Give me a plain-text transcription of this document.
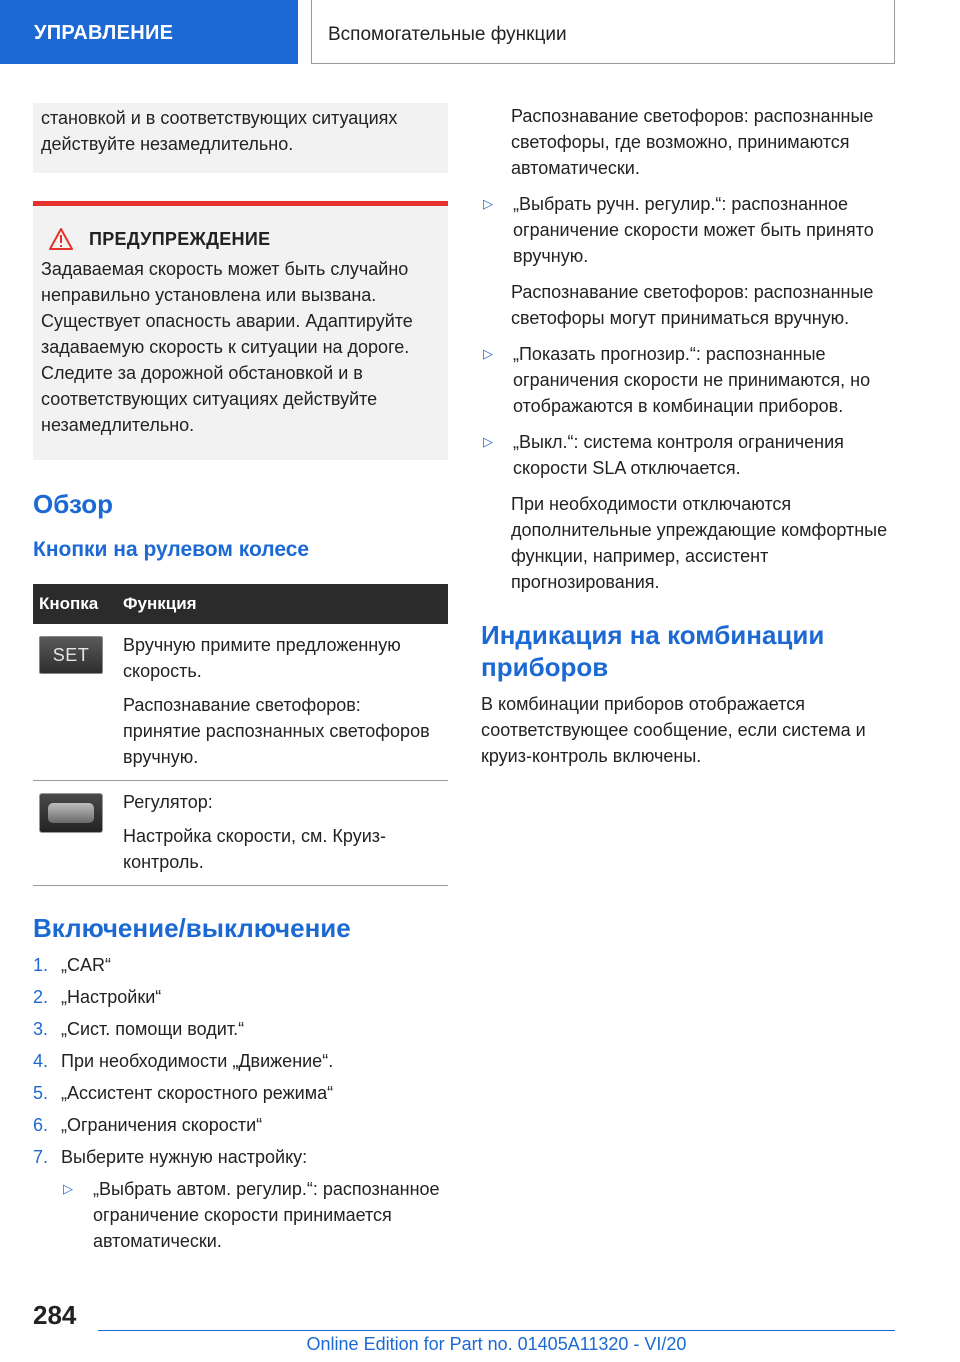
УПРАВЛЕНИЕ	Вспомогательные функции

становкой и в соответствующих ситуациях действуйте незамедлительно.

ПРЕДУПРЕЖДЕНИЕ

Задаваемая скорость может быть случайно неправильно установлена или вызвана. Существует опасность аварии. Адаптируйте задаваемую скорость к ситуации на дороге. Следите за дорожной обстановкой и в соответствующих ситуациях действуйте незамедлительно.

Обзор
Кнопки на рулевом колесе
Кнопка	Функция

SET	Вручную примите предложенную скорость.

Распознавание светофоров: принятие распознанных светофоров вручную.

	Регулятор:

Настройка скорости, см. Круиз-контроль.

Включение/выключение
1. „CAR“
2. „Настройки“
3. „Сист. помощи водит.“
4. При необходимости „Движение“.
5. „Ассистент скоростного режима“
6. „Ограничения скорости“
7. Выберите нужную настройку:
▷	„Выбрать автом. регулир.“: распознанное ограничение скорости принимается автоматически.

Распознавание светофоров: распознанные светофоры, где возможно, принимаются автоматически.

▷	„Выбрать ручн. регулир.“: распознанное ограничение скорости может быть принято вручную.

Распознавание светофоров: распознанные светофоры могут приниматься вручную.

▷	„Показать прогнозир.“: распознанные ограничения скорости не принимаются, но отображаются в комбинации приборов.
▷	„Выкл.“: система контроля ограничения скорости SLA отключается.

При необходимости отключаются дополнительные упреждающие комфортные функции, например, ассистент прогнозирования.

Индикация на комбинации приборов

В комбинации приборов отображается соответствующее сообщение, если система и круиз-контроль включены.

284
Online Edition for Part no. 01405A11320 - VI/20
